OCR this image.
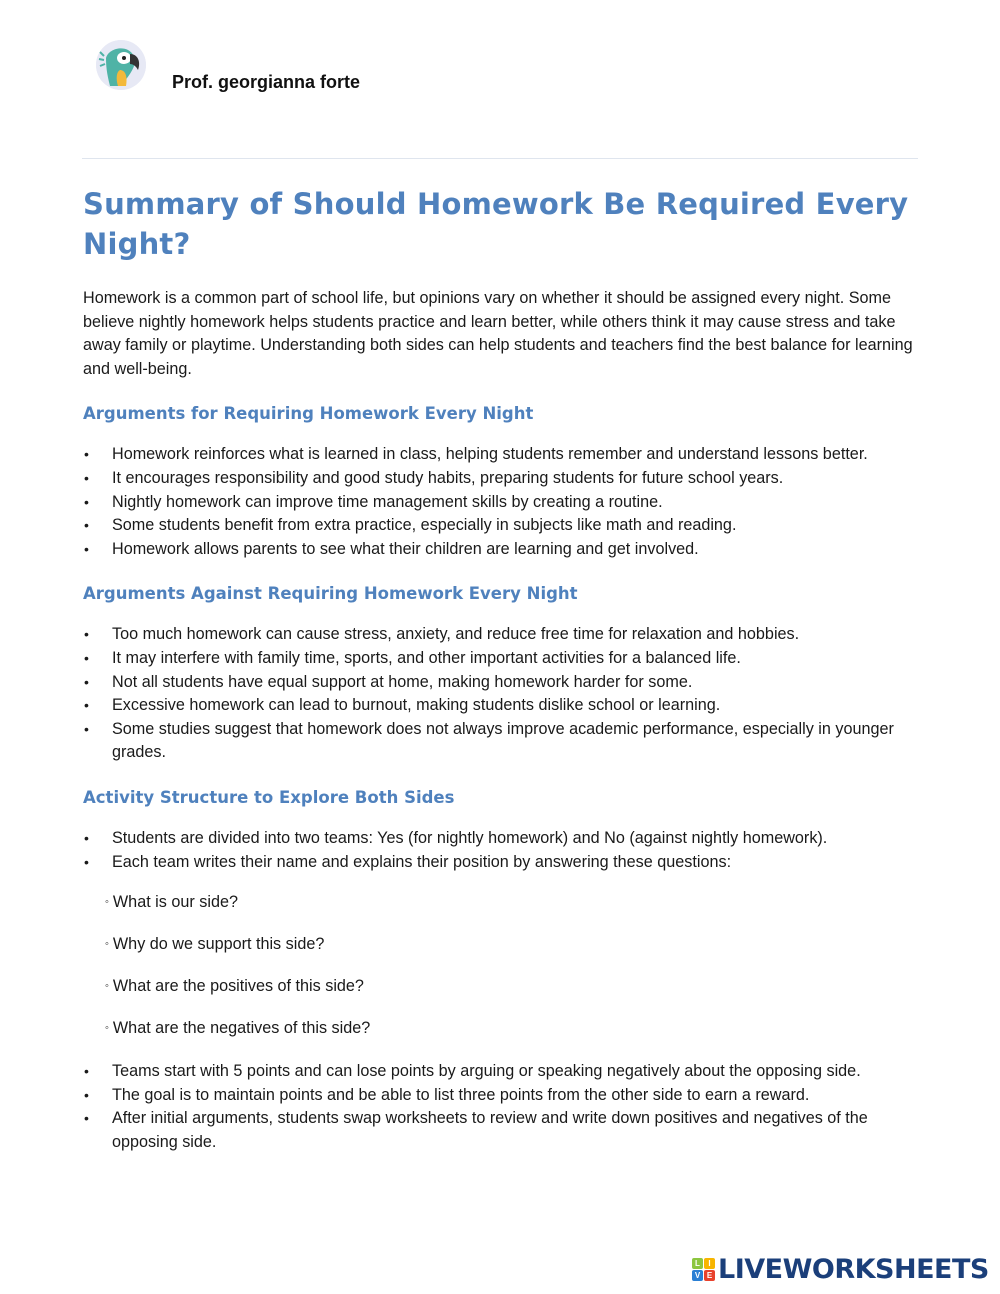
Prof. georgianna forte
Summary of Should Homework Be Required Every Night?

Homework is a common part of school life, but opinions vary on whether it should be assigned every night. Some believe nightly homework helps students practice and learn better, while others think it may cause stress and take away family or playtime. Understanding both sides can help students and teachers find the best balance for learning and well-being.

Arguments for Requiring Homework Every Night
• Homework reinforces what is learned in class, helping students remember and understand lessons better.
• It encourages responsibility and good study habits, preparing students for future school years.
• Nightly homework can improve time management skills by creating a routine.
• Some students benefit from extra practice, especially in subjects like math and reading.
• Homework allows parents to see what their children are learning and get involved.
Arguments Against Requiring Homework Every Night
• Too much homework can cause stress, anxiety, and reduce free time for relaxation and hobbies.
• It may interfere with family time, sports, and other important activities for a balanced life.
• Not all students have equal support at home, making homework harder for some.
• Excessive homework can lead to burnout, making students dislike school or learning.
• Some studies suggest that homework does not always improve academic performance, especially in younger grades.
Activity Structure to Explore Both Sides
• Students are divided into two teams: Yes (for nightly homework) and No (against nightly homework).
• Each team writes their name and explains their position by answering these questions:
◦ What is our side?
◦ Why do we support this side?
◦ What are the positives of this side?
◦ What are the negatives of this side?
• Teams start with 5 points and can lose points by arguing or speaking negatively about the opposing side.
• The goal is to maintain points and be able to list three points from the other side to earn a reward.
• After initial arguments, students swap worksheets to review and write down positives and negatives of the opposing side.
L	I
V E LIVEWORKSHEETS
